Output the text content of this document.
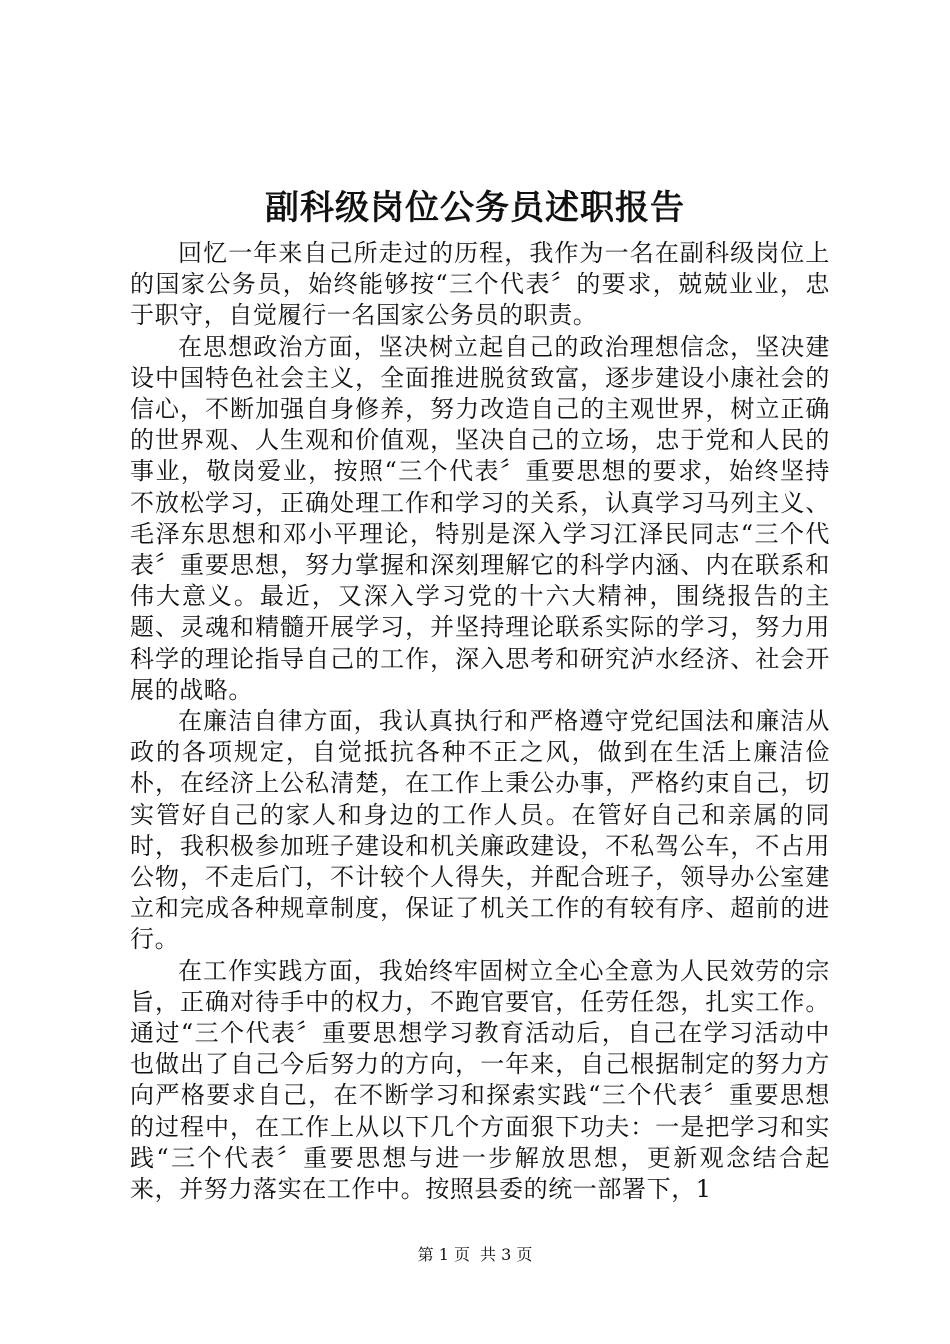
副科级岗位公务员述职报告

回忆一年来自己所走过的历程，我作为一名在副科级岗位上的国家公务员，始终能够按“三个代表〞的要求，兢兢业业，忠于职守，自觉履行一名国家公务员的职责。

在思想政治方面，坚决树立起自己的政治理想信念，坚决建设中国特色社会主义，全面推进脱贫致富，逐步建设小康社会的信心，不断加强自身修养，努力改造自己的主观世界，树立正确的世界观、人生观和价值观，坚决自己的立场，忠于党和人民的事业，敬岗爱业，按照“三个代表〞重要思想的要求，始终坚持不放松学习，正确处理工作和学习的关系，认真学习马列主义、毛泽东思想和邓小平理论，特别是深入学习江泽民同志“三个代表〞重要思想，努力掌握和深刻理解它的科学内涵、内在联系和伟大意义。最近，又深入学习党的十六大精神，围绕报告的主题、灵魂和精髓开展学习，并坚持理论联系实际的学习，努力用科学的理论指导自己的工作，深入思考和研究泸水经济、社会开展的战略。

在廉洁自律方面，我认真执行和严格遵守党纪国法和廉洁从政的各项规定，自觉抵抗各种不正之风，做到在生活上廉洁俭朴，在经济上公私清楚，在工作上秉公办事，严格约束自己，切实管好自己的家人和身边的工作人员。在管好自己和亲属的同时，我积极参加班子建设和机关廉政建设，不私驾公车，不占用公物，不走后门，不计较个人得失，并配合班子，领导办公室建立和完成各种规章制度，保证了机关工作的有较有序、超前的进行。

在工作实践方面，我始终牢固树立全心全意为人民效劳的宗旨，正确对待手中的权力，不跑官要官，任劳任怨，扎实工作。通过“三个代表〞重要思想学习教育活动后，自己在学习活动中也做出了自己今后努力的方向，一年来，自己根据制定的努力方向严格要求自己，在不断学习和探索实践“三个代表〞重要思想的过程中，在工作上从以下几个方面狠下功夫：一是把学习和实践“三个代表〞重要思想与进一步解放思想，更新观念结合起来，并努力落实在工作中。按照县委的统一部署下，1

第 1 页 共 3 页
